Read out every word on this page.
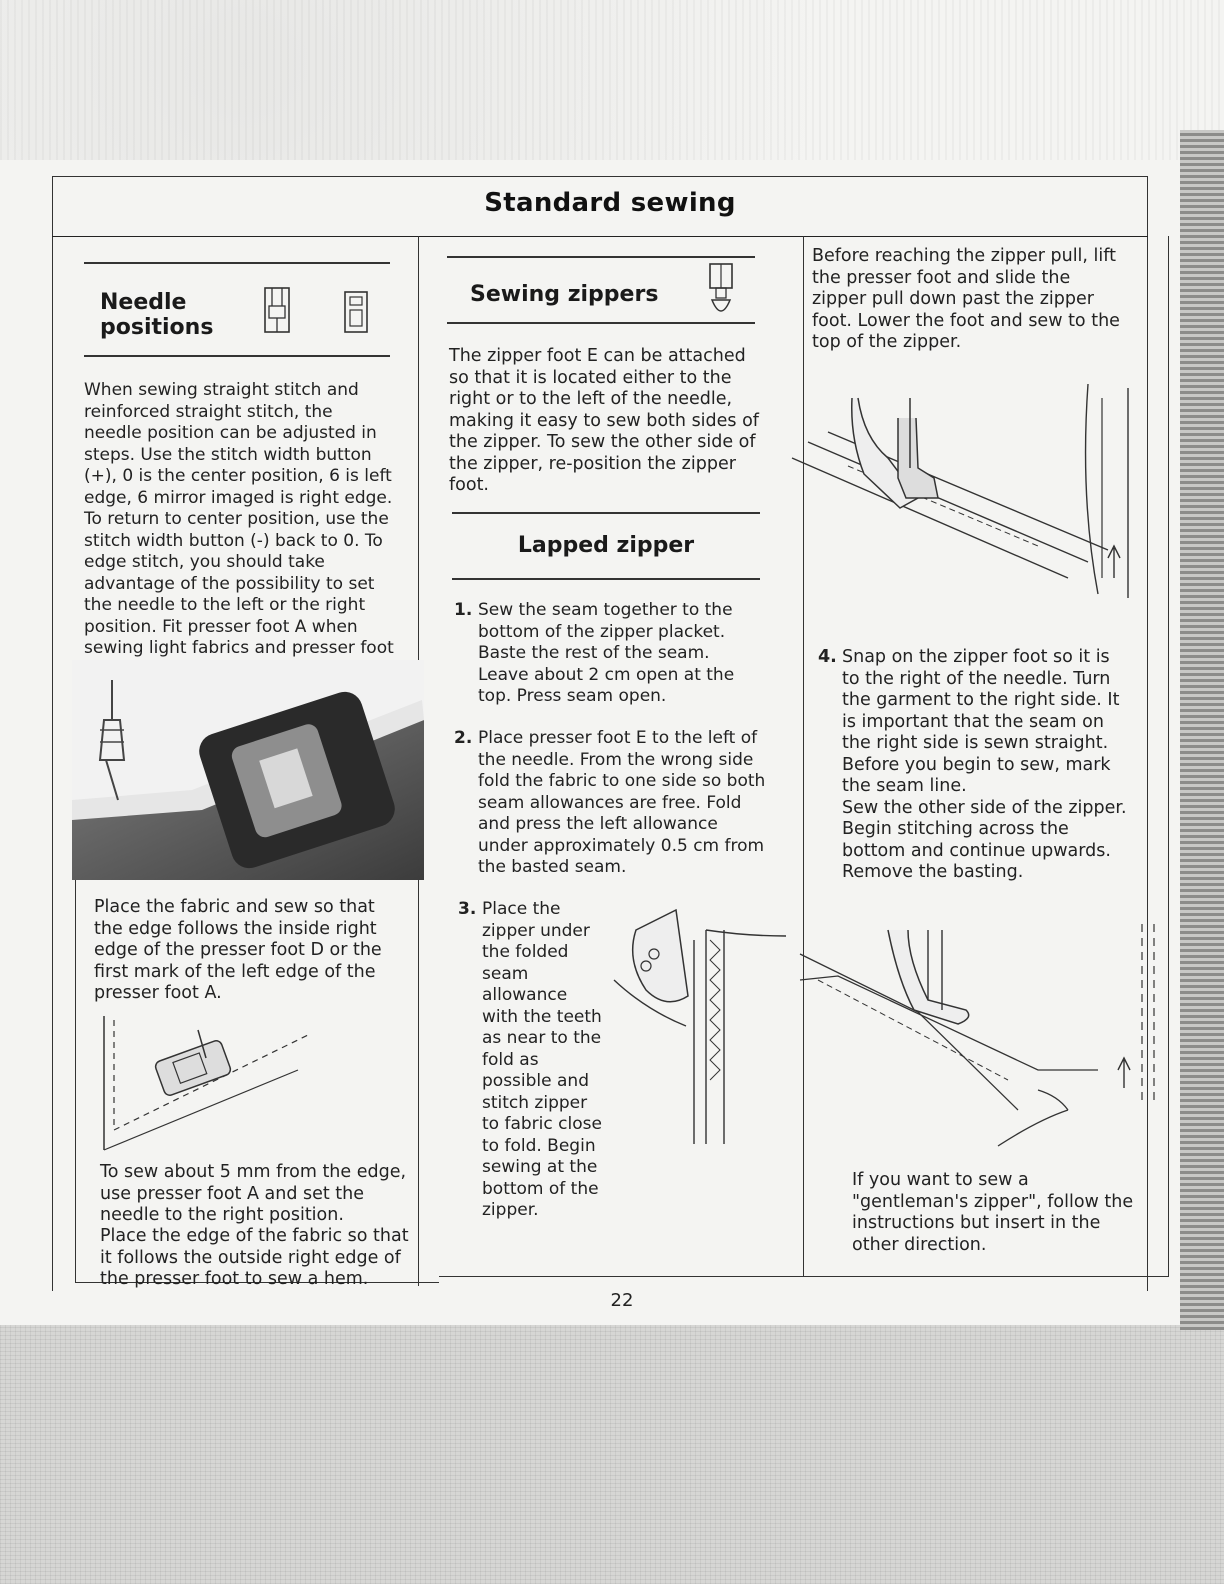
Standard sewing
Needle
positions

When sewing straight stitch and reinforced straight stitch, the needle position can be adjusted in steps. Use the stitch width button (+), 0 is the center position, 6 is left edge, 6 mirror imaged is right edge. To return to center position, use the stitch width button (-) back to 0. To edge stitch, you should take advantage of the possibility to set the needle to the left or the right position. Fit presser foot A when sewing light fabrics and presser foot

Place the fabric and sew so that the edge follows the inside right edge of the presser foot D or the first mark of the left edge of the presser foot A.

To sew about 5 mm from the edge, use presser foot A and set the needle to the right position.

Place the edge of the fabric so that it follows the outside right edge of the presser foot to sew a hem.

Sewing zippers

The zipper foot E can be attached so that it is located either to the right or to the left of the needle, making it easy to sew both sides of the zipper. To sew the other side of the zipper, re-position the zipper foot.

Lapped zipper
1. Sew the seam together to the bottom of the zipper placket. Baste the rest of the seam. Leave about 2 cm open at the top. Press seam open.
2. Place presser foot E to the left of the needle. From the wrong side fold the fabric to one side so both seam allowances are free. Fold and press the left allowance under approximately 0.5 cm from the basted seam.
3. Place the zipper under the folded seam allowance with the teeth as near to the fold as possible and stitch zipper to fabric close to fold. Begin sewing at the bottom of the zipper.

Before reaching the zipper pull, lift the presser foot and slide the zipper pull down past the zipper foot. Lower the foot and sew to the top of the zipper.

4. Snap on the zipper foot so it is to the right of the needle. Turn the garment to the right side. It is important that the seam on the right side is sewn straight. Before you begin to sew, mark the seam line.
Sew the other side of the zipper. Begin stitching across the bottom and continue upwards. Remove the basting.

If you want to sew a "gentleman's zipper", follow the instructions but insert in the other direction.

22
